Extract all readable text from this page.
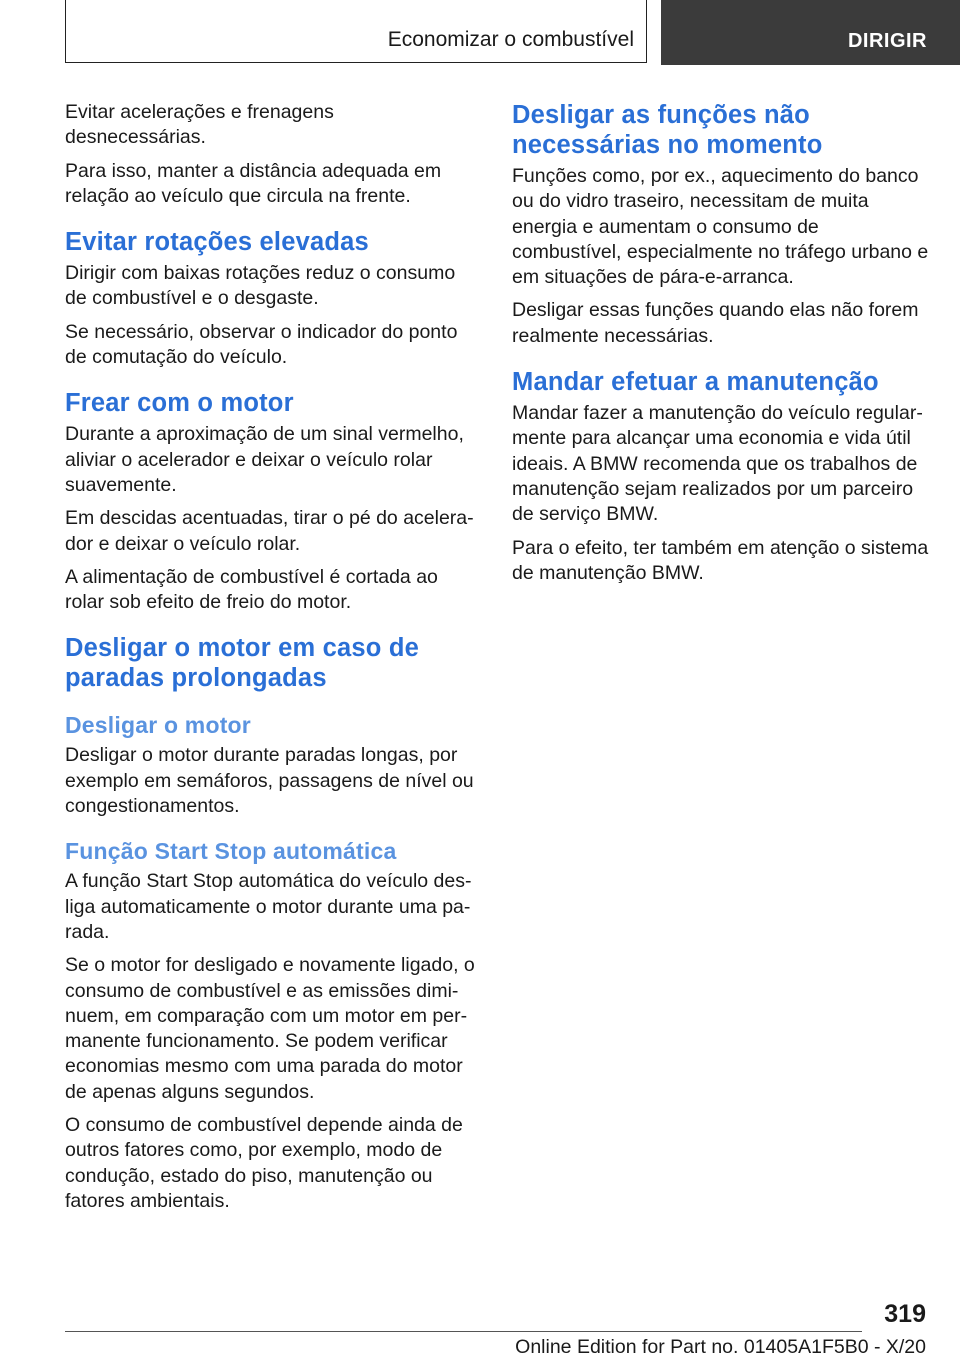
Economizar o combustível	DIRIGIR

Evitar acelerações e frenagens desnecessárias.

Para isso, manter a distância adequada em relação ao veículo que circula na frente.

Evitar rotações elevadas

Dirigir com baixas rotações reduz o consumo de combustível e o desgaste.

Se necessário, observar o indicador do ponto de comutação do veículo.

Frear com o motor

Durante a aproximação de um sinal vermelho, aliviar o acelerador e deixar o veículo rolar suavemente.

Em descidas acentuadas, tirar o pé do acelerador e deixar o veículo rolar.

A alimentação de combustível é cortada ao rolar sob efeito de freio do motor.

Desligar o motor em caso de paradas prolongadas
Desligar o motor

Desligar o motor durante paradas longas, por exemplo em semáforos, passagens de nível ou congestionamentos.

Função Start Stop automática

A função Start Stop automática do veículo desliga automaticamente o motor durante uma parada.

Se o motor for desligado e novamente ligado, o consumo de combustível e as emissões diminuem, em comparação com um motor em permanente funcionamento. Se podem verificar economias mesmo com uma parada do motor de apenas alguns segundos.

O consumo de combustível depende ainda de outros fatores como, por exemplo, modo de condução, estado do piso, manutenção ou fatores ambientais.

Desligar as funções não necessárias no momento

Funções como, por ex., aquecimento do banco ou do vidro traseiro, necessitam de muita energia e aumentam o consumo de combustível, especialmente no tráfego urbano e em situações de pára-e-arranca.

Desligar essas funções quando elas não forem realmente necessárias.

Mandar efetuar a manutenção

Mandar fazer a manutenção do veículo regularmente para alcançar uma economia e vida útil ideais. A BMW recomenda que os trabalhos de manutenção sejam realizados por um parceiro de serviço BMW.

Para o efeito, ter também em atenção o sistema de manutenção BMW.

319
Online Edition for Part no. 01405A1F5B0 - X/20
